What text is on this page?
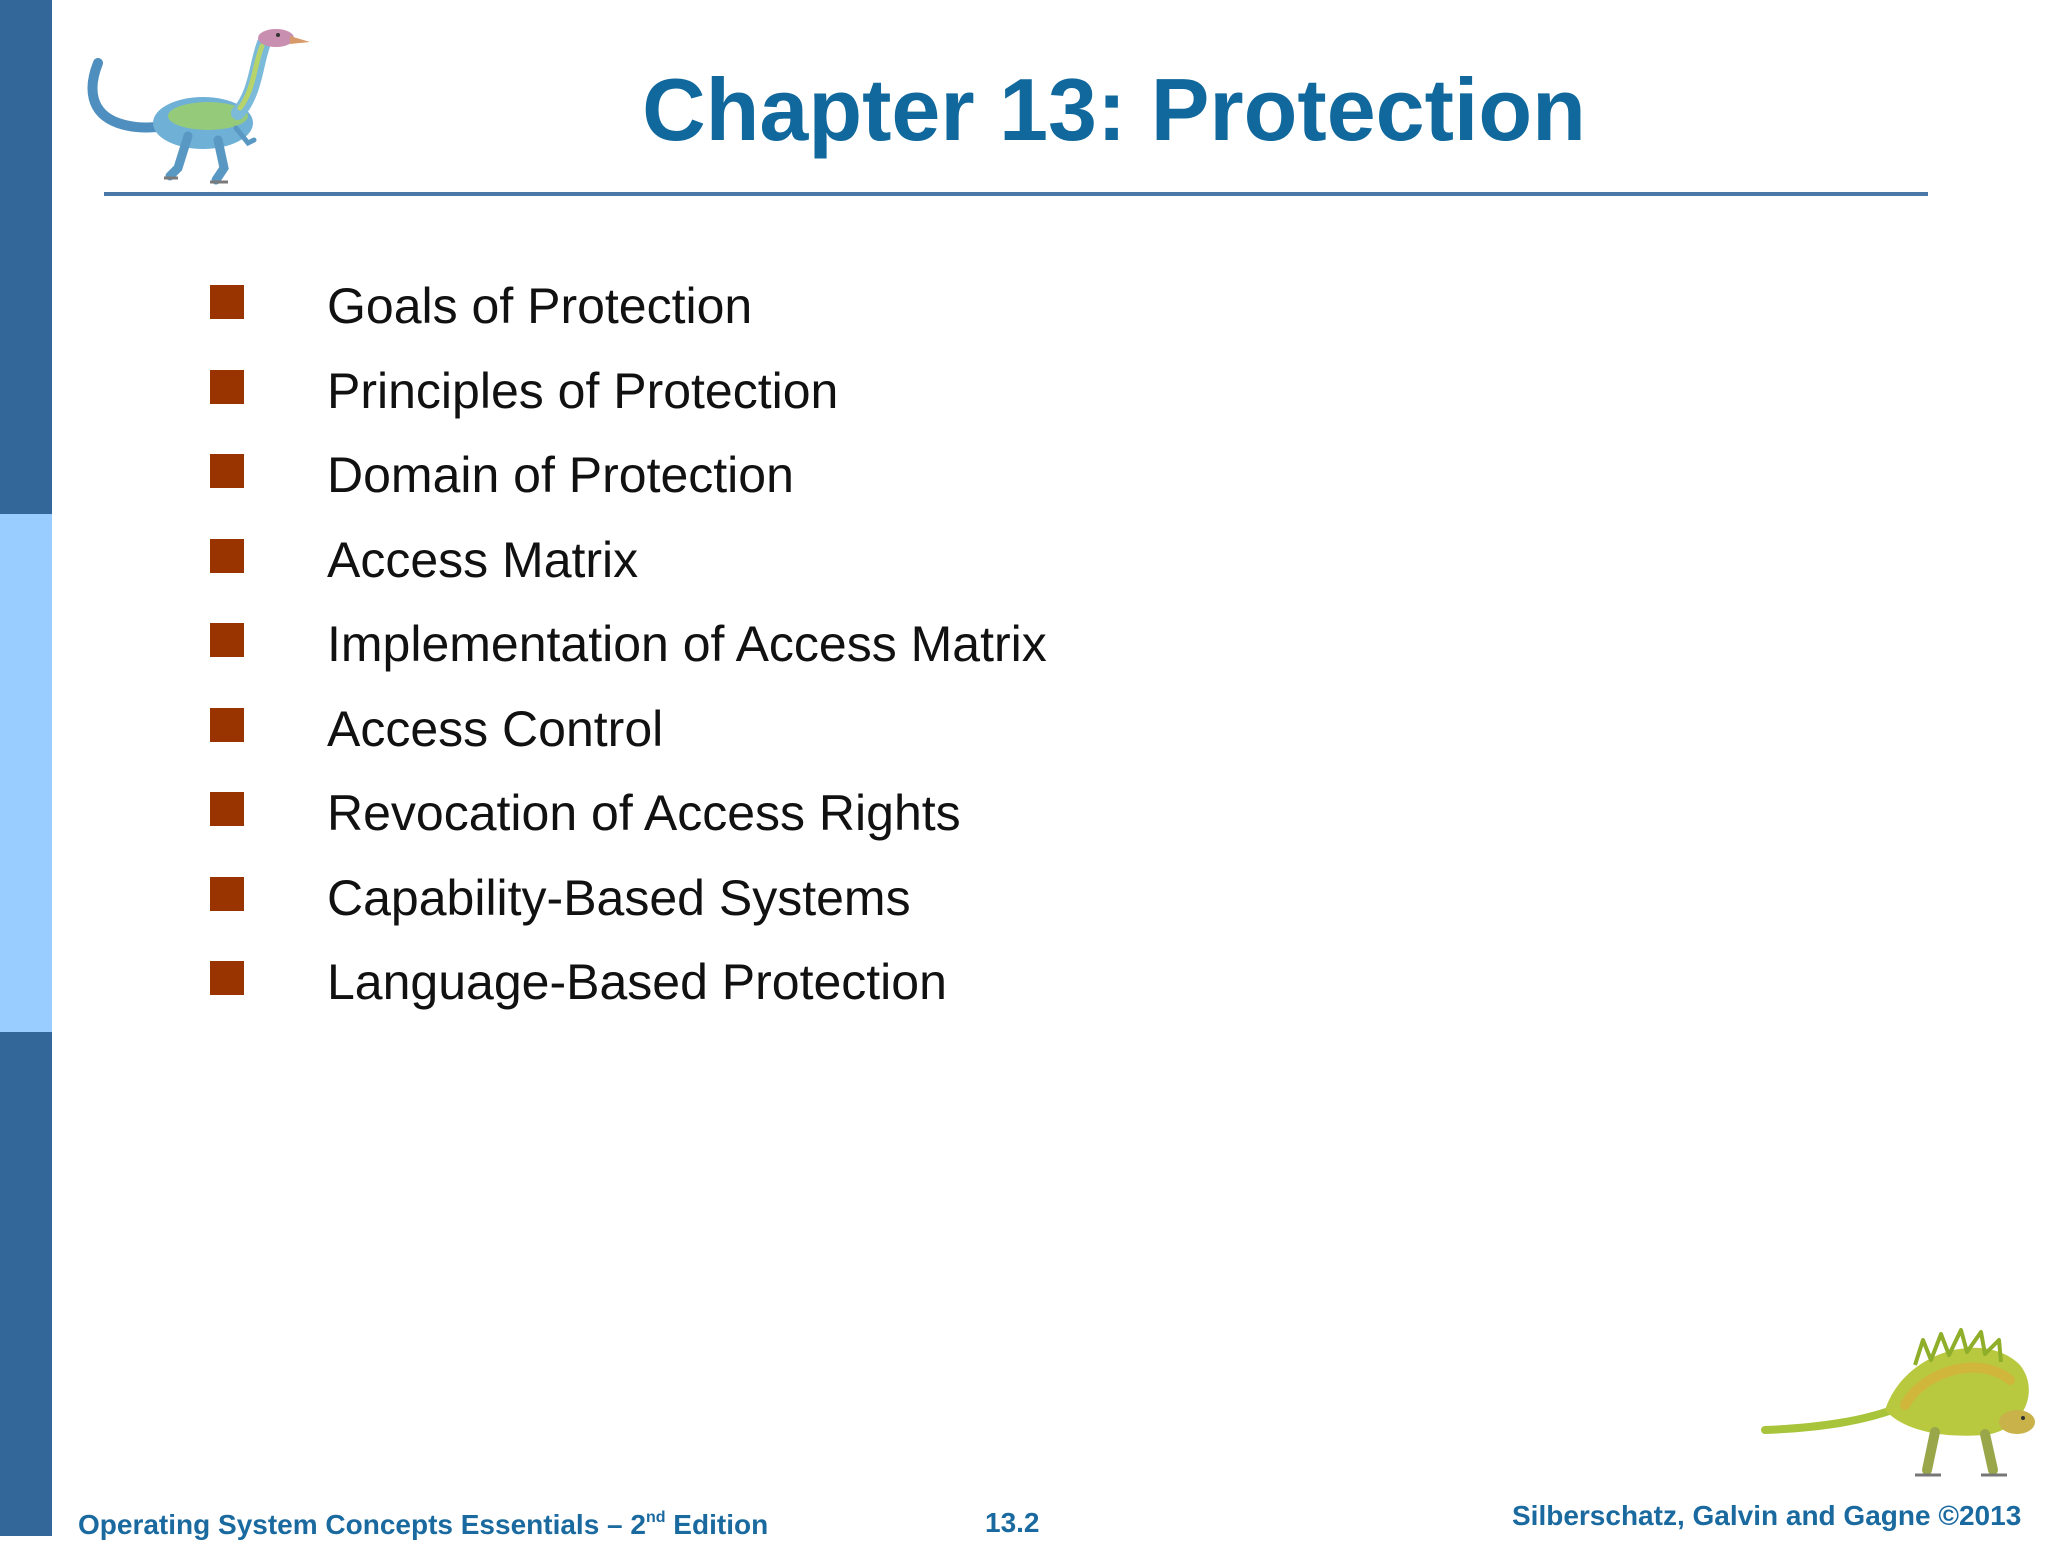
Chapter 13: Protection
Goals of Protection
Principles of Protection
Domain of Protection
Access Matrix
Implementation of Access Matrix
Access Control
Revocation of Access Rights
Capability-Based Systems
Language-Based Protection
Operating System Concepts Essentials – 2nd Edition	13.2	Silberschatz, Galvin and Gagne ©2013
